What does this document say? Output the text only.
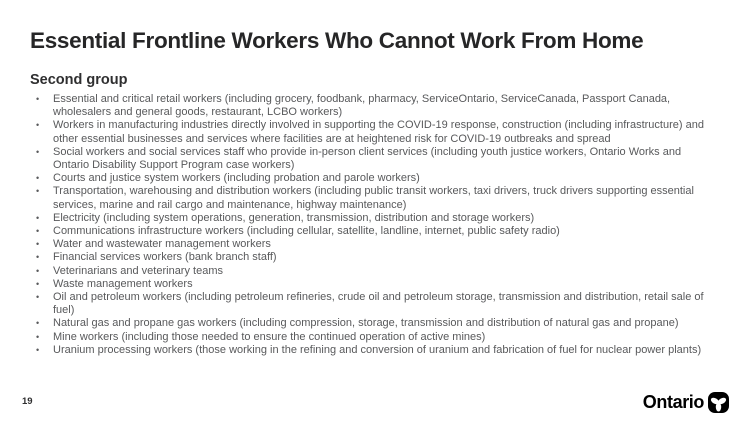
Essential Frontline Workers Who Cannot Work From Home
Second group
• Essential and critical retail workers (including grocery, foodbank, pharmacy, ServiceOntario, ServiceCanada, Passport Canada, wholesalers and general goods, restaurant, LCBO workers)
• Workers in manufacturing industries directly involved in supporting the COVID-19 response, construction (including infrastructure) and other essential businesses and services where facilities are at heightened risk for COVID-19 outbreaks and spread
• Social workers and social services staff who provide in-person client services (including youth justice workers, Ontario Works and Ontario Disability Support Program case workers)
• Courts and justice system workers (including probation and parole workers)
• Transportation, warehousing and distribution workers (including public transit workers, taxi drivers, truck drivers supporting essential services, marine and rail cargo and maintenance, highway maintenance)
• Electricity (including system operations, generation, transmission, distribution and storage workers)
• Communications infrastructure workers (including cellular, satellite, landline, internet, public safety radio)
• Water and wastewater management workers
• Financial services workers (bank branch staff)
• Veterinarians and veterinary teams
• Waste management workers
• Oil and petroleum workers (including petroleum refineries, crude oil and petroleum storage, transmission and distribution, retail sale of fuel)
• Natural gas and propane gas workers (including compression, storage, transmission and distribution of natural gas and propane)
• Mine workers (including those needed to ensure the continued operation of active mines)
• Uranium processing workers (those working in the refining and conversion of uranium and fabrication of fuel for nuclear power plants)
19	Ontario
